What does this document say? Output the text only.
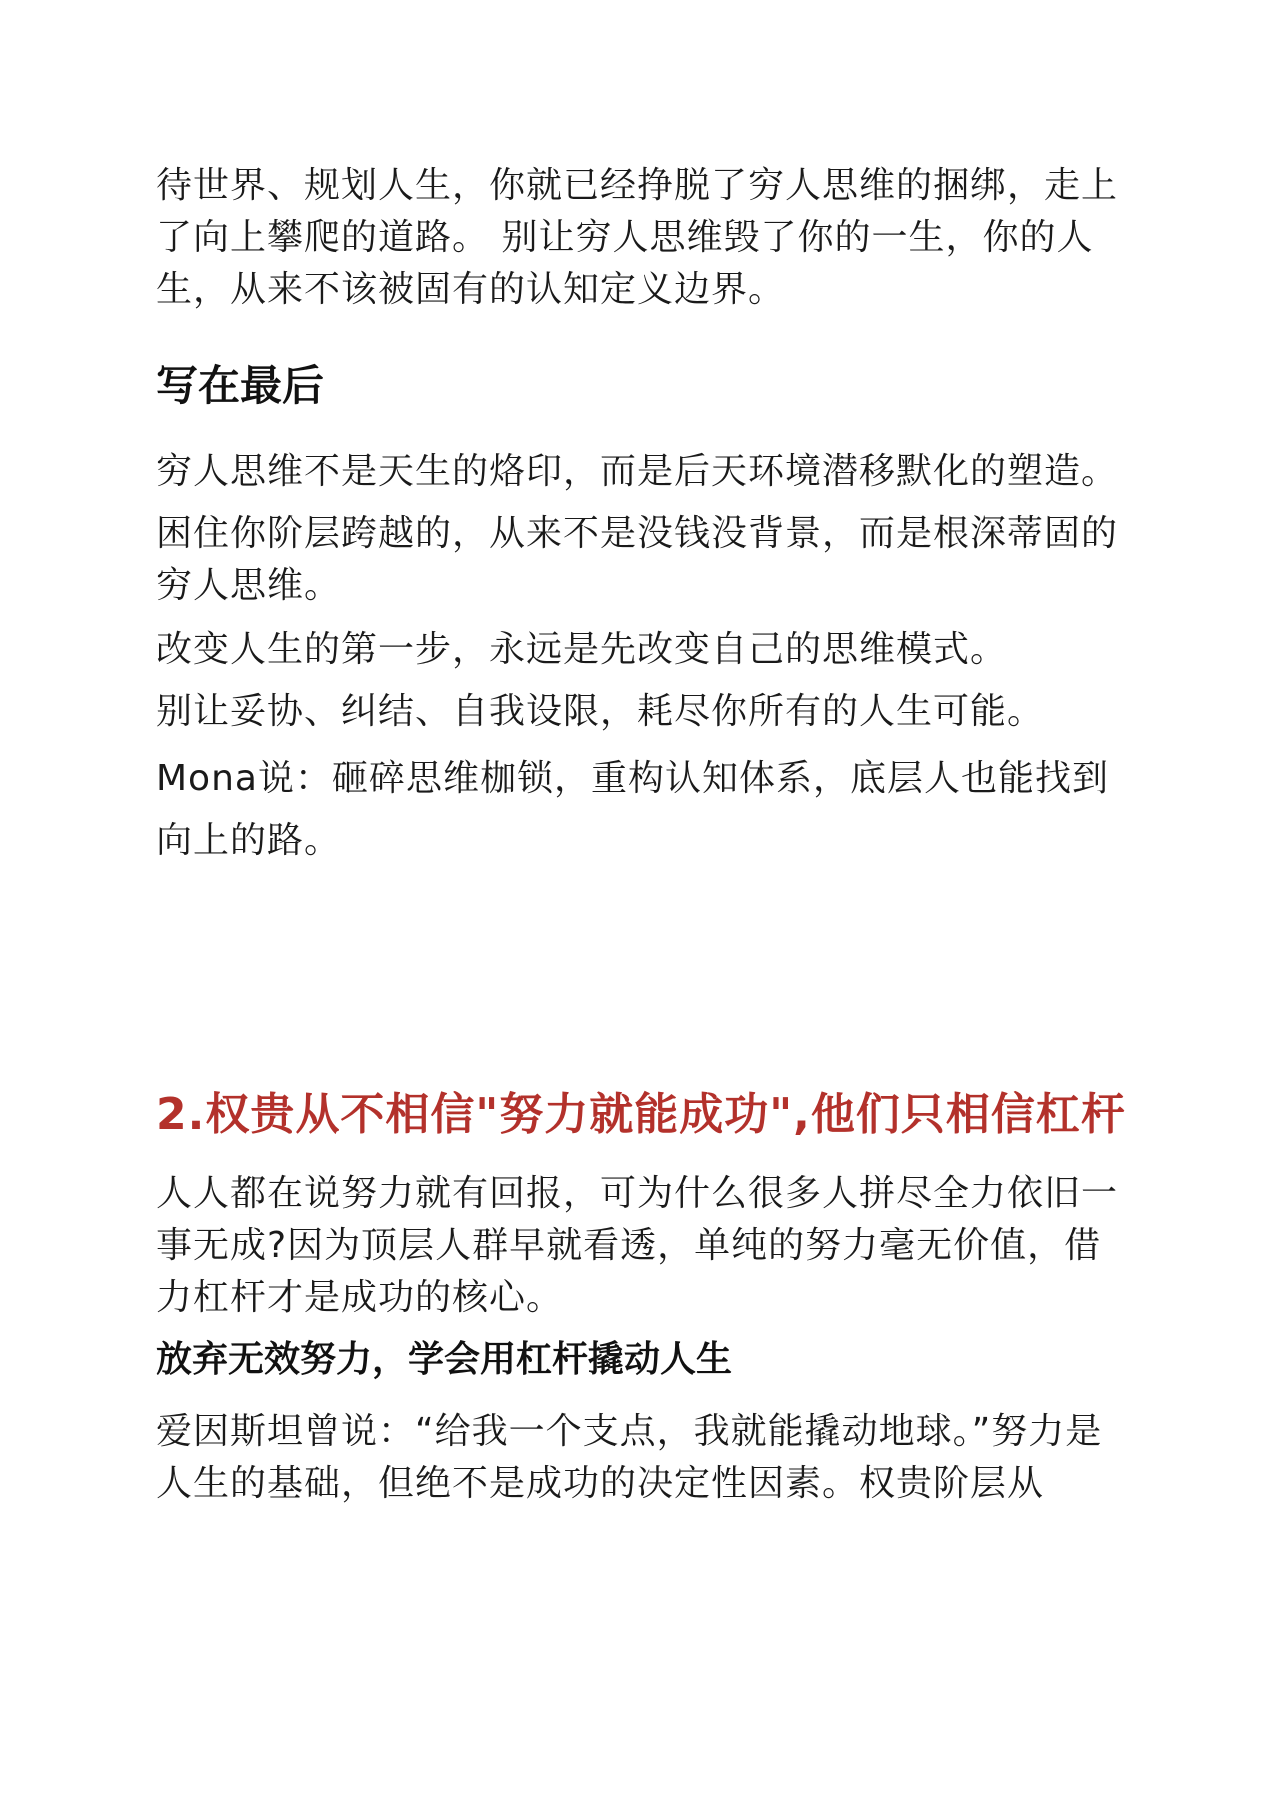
待世界、规划人生，你就已经挣脱了穷人思维的捆绑，走上了向上攀爬的道路。 别让穷人思维毁了你的一生，你的人生，从来不该被固有的认知定义边界。

写在最后

穷人思维不是天生的烙印，而是后天环境潜移默化的塑造。

困住你阶层跨越的，从来不是没钱没背景，而是根深蒂固的穷人思维。

改变人生的第一步，永远是先改变自己的思维模式。

别让妥协、纠结、自我设限，耗尽你所有的人生可能。

Mona说：砸碎思维枷锁，重构认知体系，底层人也能找到向上的路。

2.权贵从不相信"努力就能成功",他们只相信杠杆

人人都在说努力就有回报，可为什么很多人拼尽全力依旧一事无成?因为顶层人群早就看透，单纯的努力毫无价值，借力杠杆才是成功的核心。

放弃无效努力，学会用杠杆撬动人生

爱因斯坦曾说：“给我一个支点，我就能撬动地球。”努力是人生的基础，但绝不是成功的决定性因素。权贵阶层从
